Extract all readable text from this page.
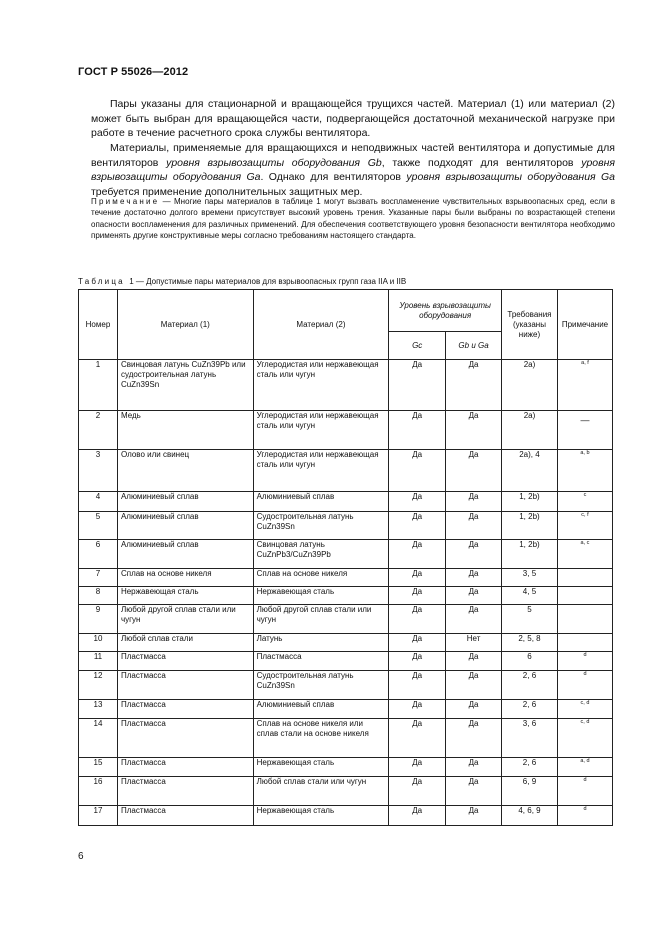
ГОСТ Р 55026—2012
Пары указаны для стационарной и вращающейся трущихся частей. Материал (1) или материал (2) может быть выбран для вращающейся части, подвергающейся достаточной механической нагрузке при работе в течение расчетного срока службы вентилятора.
Материалы, применяемые для вращающихся и неподвижных частей вентилятора и допустимые для вентиляторов уровня взрывозащиты оборудования Gb, также подходят для вентиляторов уровня взрывозащиты оборудования Ga. Однако для вентиляторов уровня взрывозащиты оборудования Ga требуется применение дополнительных защитных мер.
Примечание — Многие пары материалов в таблице 1 могут вызвать воспламенение чувствительных взрывоопасных сред, если в течение достаточно долгого времени присутствует высокий уровень трения. Указанные пары были выбраны по возрастающей степени опасности воспламенения для различных применений. Для обеспечения соответствующего уровня безопасности вентилятора необходимо применять другие конструктивные меры согласно требованиям настоящего стандарта.
Таблица 1 — Допустимые пары материалов для взрывоопасных групп газа IIA и IIB
Номер	Материал (1)	Материал (2)	Уровень взрывозащиты оборудования		Требования (указаны ниже)	Примечание
			Gc	Gb и Ga		
1	Свинцовая латунь CuZn39Pb или судостроительная латунь CuZn39Sn	Углеродистая или нержавеющая сталь или чугун	Да	Да	2а)	a, f
2	Медь	Углеродистая или нержавеющая сталь или чугун	Да	Да	2а)	—
3	Олово или свинец	Углеродистая или нержавеющая сталь или чугун	Да	Да	2а), 4	a, b
4	Алюминиевый сплав	Алюминиевый сплав	Да	Да	1, 2b)	c
5	Алюминиевый сплав	Судостроительная латунь CuZn39Sn	Да	Да	1, 2b)	c, f
6	Алюминиевый сплав	Свинцовая латунь CuZnPb3/CuZn39Pb	Да	Да	1, 2b)	a, c
7	Сплав на основе никеля	Сплав на основе никеля	Да	Да	3, 5	
8	Нержавеющая сталь	Нержавеющая сталь	Да	Да	4, 5	
9	Любой другой сплав стали или чугун	Любой другой сплав стали или чугун	Да	Да	5	
10	Любой сплав стали	Латунь	Да	Нет	2, 5, 8	
11	Пластмасса	Пластмасса	Да	Да	6	d
12	Пластмасса	Судостроительная латунь CuZn39Sn	Да	Да	2, 6	d
13	Пластмасса	Алюминиевый сплав	Да	Да	2, 6	c, d
14	Пластмасса	Сплав на основе никеля или сплав стали на основе никеля	Да	Да	3, 6	c, d
15	Пластмасса	Нержавеющая сталь	Да	Да	2, 6	a, d
16	Пластмасса	Любой сплав стали или чугун	Да	Да	6, 9	d
17	Пластмасса	Нержавеющая сталь	Да	Да	4, 6, 9	d
6
